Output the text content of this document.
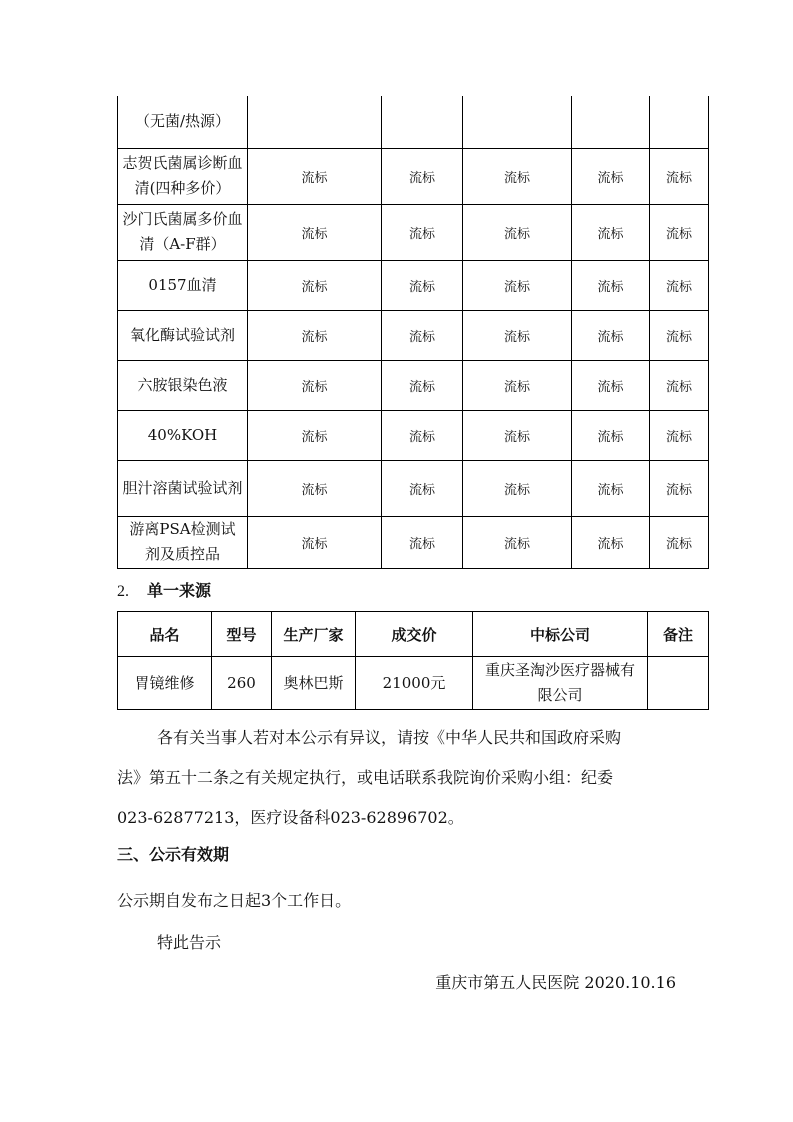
（无菌/热源）					
志贺氏菌属诊断血清(四种多价）	流标	流标	流标	流标	流标
沙门氏菌属多价血清（A-F群）	流标	流标	流标	流标	流标
0157血清	流标	流标	流标	流标	流标
氧化酶试验试剂	流标	流标	流标	流标	流标
六胺银染色液	流标	流标	流标	流标	流标
40%KOH	流标	流标	流标	流标	流标
胆汁溶菌试验试剂	流标	流标	流标	流标	流标
游离PSA检测试剂及质控品	流标	流标	流标	流标	流标
2. 单一来源
品名	型号	生产厂家	成交价	中标公司	备注
胃镜维修	260	奥林巴斯	21000元	重庆圣淘沙医疗器械有限公司	
各有关当事人若对本公示有异议，请按《中华人民共和国政府采购
法》第五十二条之有关规定执行，或电话联系我院询价采购小组：纪委
023-62877213，医疗设备科023-62896702。
三、公示有效期
公示期自发布之日起3个工作日。
特此告示
重庆市第五人民医院 2020.10.16
